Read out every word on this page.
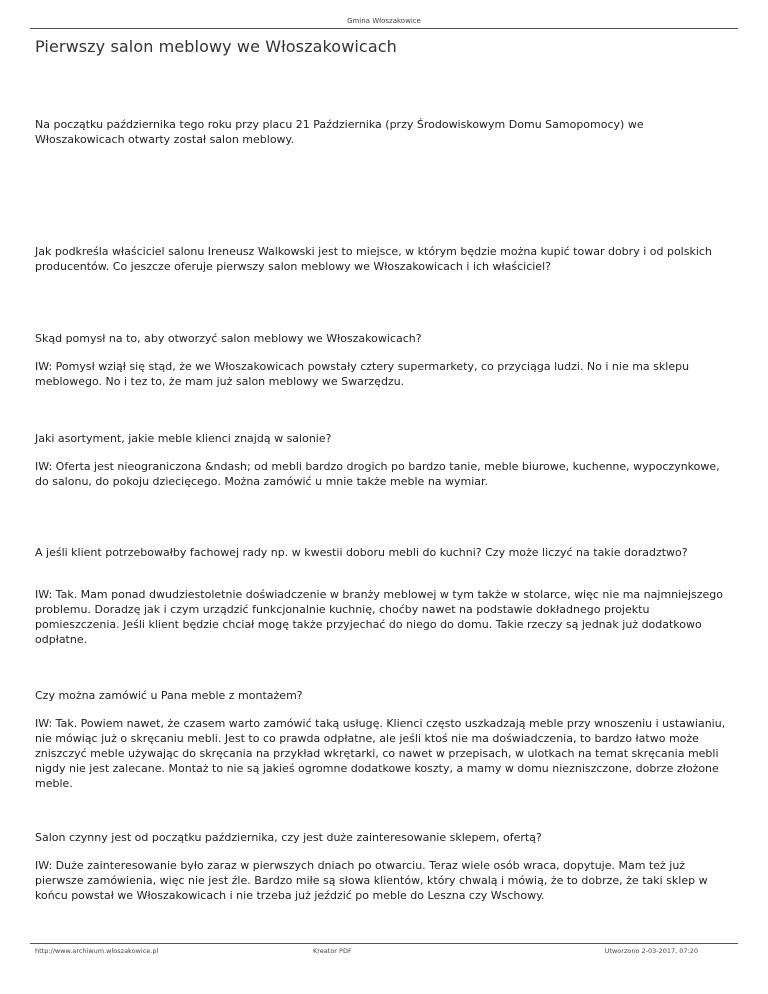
Gmina Włoszakowice
Pierwszy salon meblowy we Włoszakowicach

Na początku października tego roku przy placu 21 Października (przy Środowiskowym Domu Samopomocy) we Włoszakowicach otwarty został salon meblowy.

Jak podkreśla właściciel salonu Ireneusz Walkowski jest to miejsce, w którym będzie można kupić towar dobry i od polskich producentów. Co jeszcze oferuje pierwszy salon meblowy we Włoszakowicach i ich właściciel?

Skąd pomysł na to, aby otworzyć salon meblowy we Włoszakowicach?

IW: Pomysł wziął się stąd, że we Włoszakowicach powstały cztery supermarkety, co przyciąga ludzi. No i nie ma sklepu meblowego. No i tez to, że mam już salon meblowy we Swarzędzu.

Jaki asortyment, jakie meble klienci znajdą w salonie?

IW: Oferta jest nieograniczona &ndash; od mebli bardzo drogich po bardzo tanie, meble biurowe, kuchenne, wypoczynkowe, do salonu, do pokoju dziecięcego. Można zamówić u mnie także meble na wymiar.

A jeśli klient potrzebowałby fachowej rady np. w kwestii doboru mebli do kuchni? Czy może liczyć na takie doradztwo?

IW: Tak. Mam ponad dwudziestoletnie doświadczenie w branży meblowej w tym także w stolarce, więc nie ma najmniejszego problemu. Doradzę jak i czym urządzić funkcjonalnie kuchnię, choćby nawet na podstawie dokładnego projektu pomieszczenia. Jeśli klient będzie chciał mogę także przyjechać do niego do domu. Takie rzeczy są jednak już dodatkowo odpłatne.

Czy można zamówić u Pana meble z montażem?

IW: Tak. Powiem nawet, że czasem warto zamówić taką usługę. Klienci często uszkadzają meble przy wnoszeniu i ustawianiu, nie mówiąc już o skręcaniu mebli. Jest to co prawda odpłatne, ale jeśli ktoś nie ma doświadczenia, to bardzo łatwo może zniszczyć meble używając do skręcania na przykład wkrętarki, co nawet w przepisach, w ulotkach na temat skręcania mebli nigdy nie jest zalecane. Montaż to nie są jakieś ogromne dodatkowe koszty, a mamy w domu niezniszczone, dobrze złożone meble.

Salon czynny jest od początku października, czy jest duże zainteresowanie sklepem, ofertą?

IW: Duże zainteresowanie było zaraz w pierwszych dniach po otwarciu. Teraz wiele osób wraca, dopytuje. Mam też już pierwsze zamówienia, więc nie jest źle. Bardzo miłe są słowa klientów, który chwalą i mówią, że to dobrze, że taki sklep w końcu powstał we Włoszakowicach i nie trzeba już jeździć po meble do Leszna czy Wschowy.

http://www.archiwum.wloszakowice.pl	Kreator PDF	Utworzono 2-03-2017, 07:20
